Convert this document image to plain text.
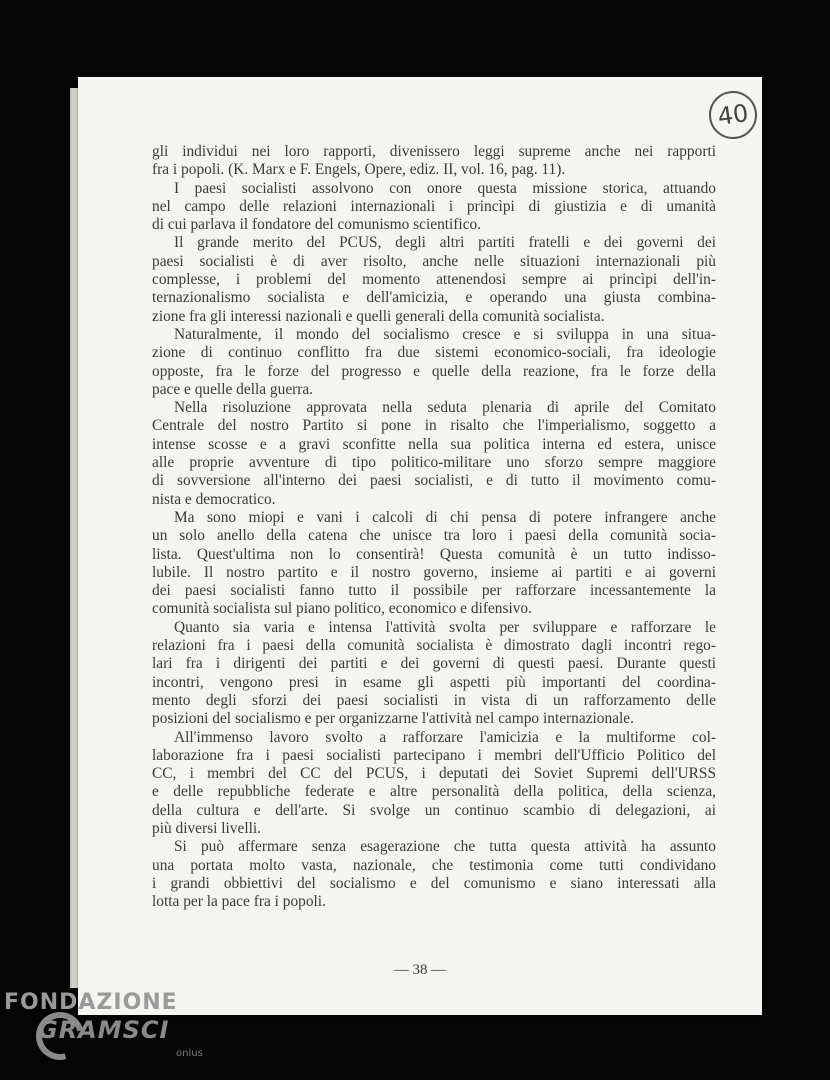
40
gli individui nei loro rapporti, divenissero leggi supreme anche nei rapporti
fra i popoli. (K. Marx e F. Engels, Opere, ediz. II, vol. 16, pag. 11).
I paesi socialisti assolvono con onore questa missione storica, attuando
nel campo delle relazioni internazionali i princìpi di giustizia e di umanità
di cui parlava il fondatore del comunismo scientifico.
Il grande merito del PCUS, degli altri partiti fratelli e dei governi dei
paesi socialisti è di aver risolto, anche nelle situazioni internazionali più
complesse, i problemi del momento attenendosi sempre ai princìpi dell'in-
ternazionalismo socialista e dell'amicizia, e operando una giusta combina-
zione fra gli interessi nazionali e quelli generali della comunità socialista.
Naturalmente, il mondo del socialismo cresce e si sviluppa in una situa-
zione di continuo conflitto fra due sistemi economico-sociali, fra ideologie
opposte, fra le forze del progresso e quelle della reazione, fra le forze della
pace e quelle della guerra.
Nella risoluzione approvata nella seduta plenaria di aprile del Comitato
Centrale del nostro Partito si pone in risalto che l'imperialismo, soggetto a
intense scosse e a gravi sconfitte nella sua politica interna ed estera, unisce
alle proprie avventure di tipo politico-militare uno sforzo sempre maggiore
di sovversione all'interno dei paesi socialisti, e di tutto il movimento comu-
nista e democratico.
Ma sono miopi e vani i calcoli di chi pensa di potere infrangere anche
un solo anello della catena che unisce tra loro i paesi della comunità socia-
lista. Quest'ultima non lo consentirà! Questa comunità è un tutto indisso-
lubile. Il nostro partito e il nostro governo, insieme ai partiti e ai governi
dei paesi socialisti fanno tutto il possibile per rafforzare incessantemente la
comunità socialista sul piano politico, economico e difensivo.
Quanto sia varia e intensa l'attività svolta per sviluppare e rafforzare le
relazioni fra i paesi della comunità socialista è dimostrato dagli incontri rego-
lari fra i dirigenti dei partiti e dei governi di questi paesi. Durante questi
incontri, vengono presi in esame gli aspetti più importanti del coordina-
mento degli sforzi dei paesi socialisti in vista di un rafforzamento delle
posizioni del socialismo e per organizzarne l'attività nel campo internazionale.
All'immenso lavoro svolto a rafforzare l'amicizia e la multiforme col-
laborazione fra i paesi socialisti partecipano i membri dell'Ufficio Politico del
CC, i membri del CC del PCUS, i deputati dei Soviet Supremi dell'URSS
e delle repubbliche federate e altre personalità della politica, della scienza,
della cultura e dell'arte. Si svolge un continuo scambio di delegazioni, ai
più diversi livelli.
Si può affermare senza esagerazione che tutta questa attività ha assunto
una portata molto vasta, nazionale, che testimonia come tutti condividano
i grandi obbiettivi del socialismo e del comunismo e siano interessati alla
lotta per la pace fra i popoli.
— 38 —
FONDAZIONE
GRAMSCI
onlus
